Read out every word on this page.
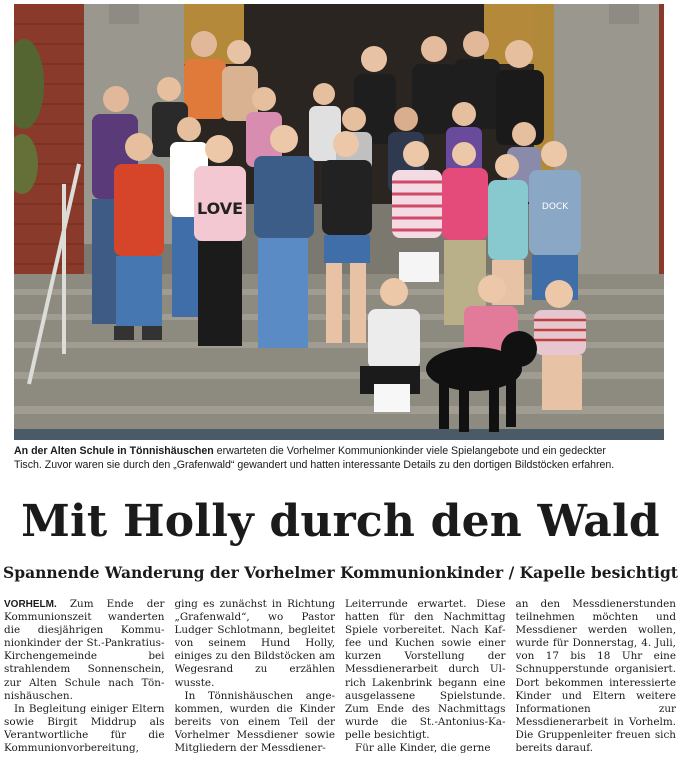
LOVE	DOCK
An der Alten Schule in Tönnishäuschen erwarteten die Vorhelmer Kommunionkinder viele Spielangebote und ein gedeckter
Tisch. Zuvor waren sie durch den „Grafenwald“ gewandert und hatten interessante Details zu den dortigen Bildstöcken erfahren.
Mit Holly durch den Wald
Spannende Wanderung der Vorhelmer Kommunionkinder / Kapelle besichtigt

VORHELM. Zum Ende der Kommunionszeit wanderten die diesjährigen Kommunionkinder der St.-Pankratius-Kirchengemeinde bei strahlendem Sonnenschein, zur Alten Schule nach Tönnishäuschen.

In Begleitung einiger Eltern sowie Birgit Middrup als Verantwortliche für die Kommunionvorbereitung,

ging es zunächst in Richtung „Grafenwald“, wo Pastor Ludger Schlotmann, begleitet von seinem Hund Holly, einiges zu den Bildstöcken am Wegesrand zu erzählen wusste.

In Tönnishäuschen angekommen, wurden die Kinder bereits von einem Teil der Vorhelmer Messdiener sowie Mitgliedern der Messdiener-

Leiterrunde erwartet. Diese hatten für den Nachmittag Spiele vorbereitet. Nach Kaffee und Kuchen sowie einer kurzen Vorstellung der Messdienerarbeit durch Ulrich Lakenbrink begann eine ausgelassene Spielstunde. Zum Ende des Nachmittags wurde die St.-Antonius-Kapelle besichtigt.

Für alle Kinder, die gerne

an den Messdienerstunden teilnehmen möchten und Messdiener werden wollen, wurde für Donnerstag, 4. Juli, von 17 bis 18 Uhr eine Schnupperstunde organisiert. Dort bekommen interessierte Kinder und Eltern weitere Informationen zur Messdienerarbeit in Vorhelm. Die Gruppenleiter freuen sich bereits darauf.
